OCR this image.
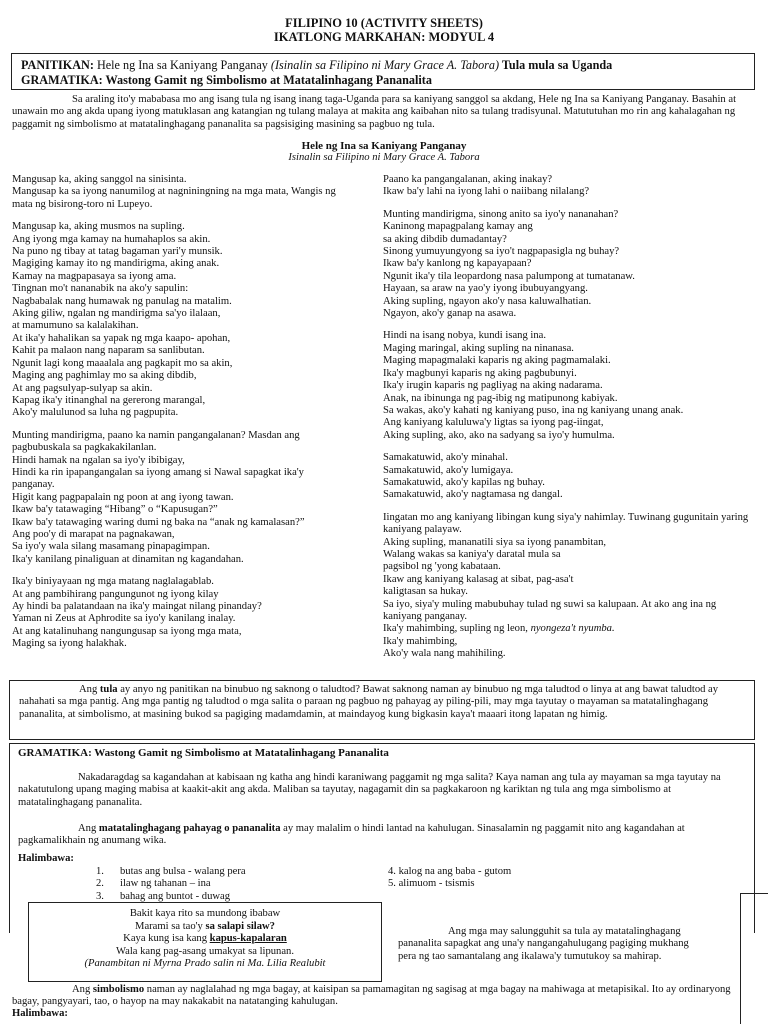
FILIPINO 10 (ACTIVITY SHEETS)
IKATLONG MARKAHAN: MODYUL 4
PANITIKAN: Hele ng Ina sa Kaniyang Panganay (Isinalin sa Filipino ni Mary Grace A. Tabora) Tula mula sa Uganda
GRAMATIKA: Wastong Gamit ng Simbolismo at Matatalinhagang Pananalita

Sa araling ito'y mababasa mo ang isang tula ng isang inang taga-Uganda para sa kaniyang sanggol sa akdang, Hele ng Ina sa Kaniyang Panganay. Basahin at unawain mo ang akda upang iyong matuklasan ang katangian ng tulang malaya at makita ang kaibahan nito sa tulang tradisyunal. Matututuhan mo rin ang kahalagahan ng paggamit ng simbolismo at matatalinghagang pananalita sa pagsisiging masining sa pagbuo ng tula.

Hele ng Ina sa Kaniyang Panganay
Isinalin sa Filipino ni Mary Grace A. Tabora
Mangusap ka, aking sanggol na sinisinta.
Mangusap ka sa iyong nanumilog at nagniningning na mga mata, Wangis ng
mata ng bisirong-toro ni Lupeyo.
Mangusap ka, aking musmos na supling.
Ang iyong mga kamay na humahaplos sa akin.
Na puno ng tibay at tatag bagaman yari'y munsik.
Magiging kamay ito ng mandirigma, aking anak.
Kamay na magpapasaya sa iyong ama.
Tingnan mo't nananabik na ako'y sapulin:
Nagbabalak nang humawak ng panulag na matalim.
Aking giliw, ngalan ng mandirigma sa'yo ilalaan,
at mamumuno sa kalalakihan.
At ika'y hahalikan sa yapak ng mga kaapo- apohan,
Kahit pa malaon nang naparam sa sanlibutan.
Ngunit lagi kong maaalala ang pagkapit mo sa akin,
Maging ang paghimlay mo sa aking dibdib,
At ang pagsulyap-sulyap sa akin.
Kapag ika'y itinanghal na gererong marangal,
Ako'y malulunod sa luha ng pagpupita.
Munting mandirigma, paano ka namin pangangalanan? Masdan ang
pagbubuskala sa pagkakakilanlan.
Hindi hamak na ngalan sa iyo'y ibibigay,
Hindi ka rin ipapangangalan sa iyong amang si Nawal sapagkat ika'y
panganay.
Higit kang pagpapalain ng poon at ang iyong tawan.
Ikaw ba'y tatawaging “Hibang” o “Kapusugan?”
Ikaw ba'y tatawaging waring dumi ng baka na “anak ng kamalasan?”
Ang poo'y di marapat na pagnakawan,
Sa iyo'y wala silang masamang pinapagimpan.
Ika'y kanilang pinaliguan at dinamitan ng kagandahan.
Ika'y biniyayaan ng mga matang naglalagablab.
At ang pambihirang pangungunot ng iyong kilay
Ay hindi ba palatandaan na ika'y maingat nilang pinanday?
Yaman ni Zeus at Aphrodite sa iyo'y kanilang inalay.
At ang katalinuhang nangungusap sa iyong mga mata,
Maging sa iyong halakhak.
Paano ka pangangalanan, aking inakay?
Ikaw ba'y lahi na iyong lahi o naiibang nilalang?
Munting mandirigma, sinong anito sa iyo'y nananahan?
Kaninong mapagpalang kamay ang
sa aking dibdib dumadantay?
Sinong yumuyungyong sa iyo't nagpapasigla ng buhay?
Ikaw ba'y kanlong ng kapayapaan?
Ngunit ika'y tila leopardong nasa palumpong at tumatanaw.
Hayaan, sa araw na yao'y iyong ibubuyangyang.
Aking supling, ngayon ako'y nasa kaluwalhatian.
Ngayon, ako'y ganap na asawa.
Hindi na isang nobya, kundi isang ina.
Maging maringal, aking supling na ninanasa.
Maging mapagmalaki kaparis ng aking pagmamalaki.
Ika'y magbunyi kaparis ng aking pagbubunyi.
Ika'y irugin kaparis ng pagliyag na aking nadarama.
Anak, na ibinunga ng pag-ibig ng matipunong kabiyak.
Sa wakas, ako'y kahati ng kaniyang puso, ina ng kaniyang unang anak.
Ang kaniyang kaluluwa'y ligtas sa iyong pag-iingat,
Aking supling, ako, ako na sadyang sa iyo'y humulma.
Samakatuwid, ako'y minahal.
Samakatuwid, ako'y lumigaya.
Samakatuwid, ako'y kapilas ng buhay.
Samakatuwid, ako'y nagtamasa ng dangal.
Iingatan mo ang kaniyang libingan kung siya'y nahimlay. Tuwinang gugunitain yaring kaniyang palayaw.
Aking supling, mananatili siya sa iyong panambitan,
Walang wakas sa kaniya'y daratal mula sa
pagsibol ng 'yong kabataan.
Ikaw ang kaniyang kalasag at sibat, pag-asa't
kaligtasan sa hukay.
Sa iyo, siya'y muling mabubuhay tulad ng suwi sa kalupaan. At ako ang ina ng kaniyang panganay.
Ika'y mahimbing, supling ng leon, nyongeza't nyumba.
Ika'y mahimbing,
Ako'y wala nang mahihiling.

Ang tula ay anyo ng panitikan na binubuo ng saknong o taludtod? Bawat saknong naman ay binubuo ng mga taludtod o linya at ang bawat taludtod ay nahahati sa mga pantig. Ang mga pantig ng taludtod o mga salita o paraan ng pagbuo ng pahayag ay piling-pili, may mga tayutay o mayaman sa matatalinghagang pananalita, at simbolismo, at masining bukod sa pagiging madamdamin, at maindayog kung bigkasin kaya't maaari itong lapatan ng himig.

GRAMATIKA: Wastong Gamit ng Simbolismo at Matatalinhagang Pananalita

Nakadaragdag sa kagandahan at kabisaan ng katha ang hindi karaniwang paggamit ng mga salita? Kaya naman ang tula ay mayaman sa mga tayutay na nakatutulong upang maging mabisa at kaakit-akit ang akda. Maliban sa tayutay, nagagamit din sa pagkakaroon ng kariktan ng tula ang mga simbolismo at matatalinghagang pananalita.

Ang matatalinghagang pahayag o pananalita ay may malalim o hindi lantad na kahulugan. Sinasalamin ng paggamit nito ang kagandahan at pagkamalikhain ng anumang wika.

Halimbawa:
1. butas ang bulsa - walang pera
2. ilaw ng tahanan – ina
3. bahag ang buntot - duwag
4. kalog na ang baba - gutom
5. alimuom - tsismis
Bakit kaya rito sa mundong ibabaw
Marami sa tao'y sa salapi silaw?
Kaya kung isa kang kapus-kapalaran
Wala kang pag-asang umakyat sa lipunan.
(Panambitan ni Myrna Prado salin ni Ma. Lilia Realubit
Ang mga may salungguhit sa tula ay matatalinghagang
pananalita sapagkat ang una'y nangangahulugang pagiging mukhang
pera ng tao samantalang ang ikalawa'y tumutukoy sa mahirap.

Ang simbolismo naman ay naglalahad ng mga bagay, at kaisipan sa pamamagitan ng sagisag at mga bagay na mahiwaga at metapisikal. Ito ay ordinaryong bagay, pangyayari, tao, o hayop na may nakakabit na natatanging kahulugan.

Halimbawa:
